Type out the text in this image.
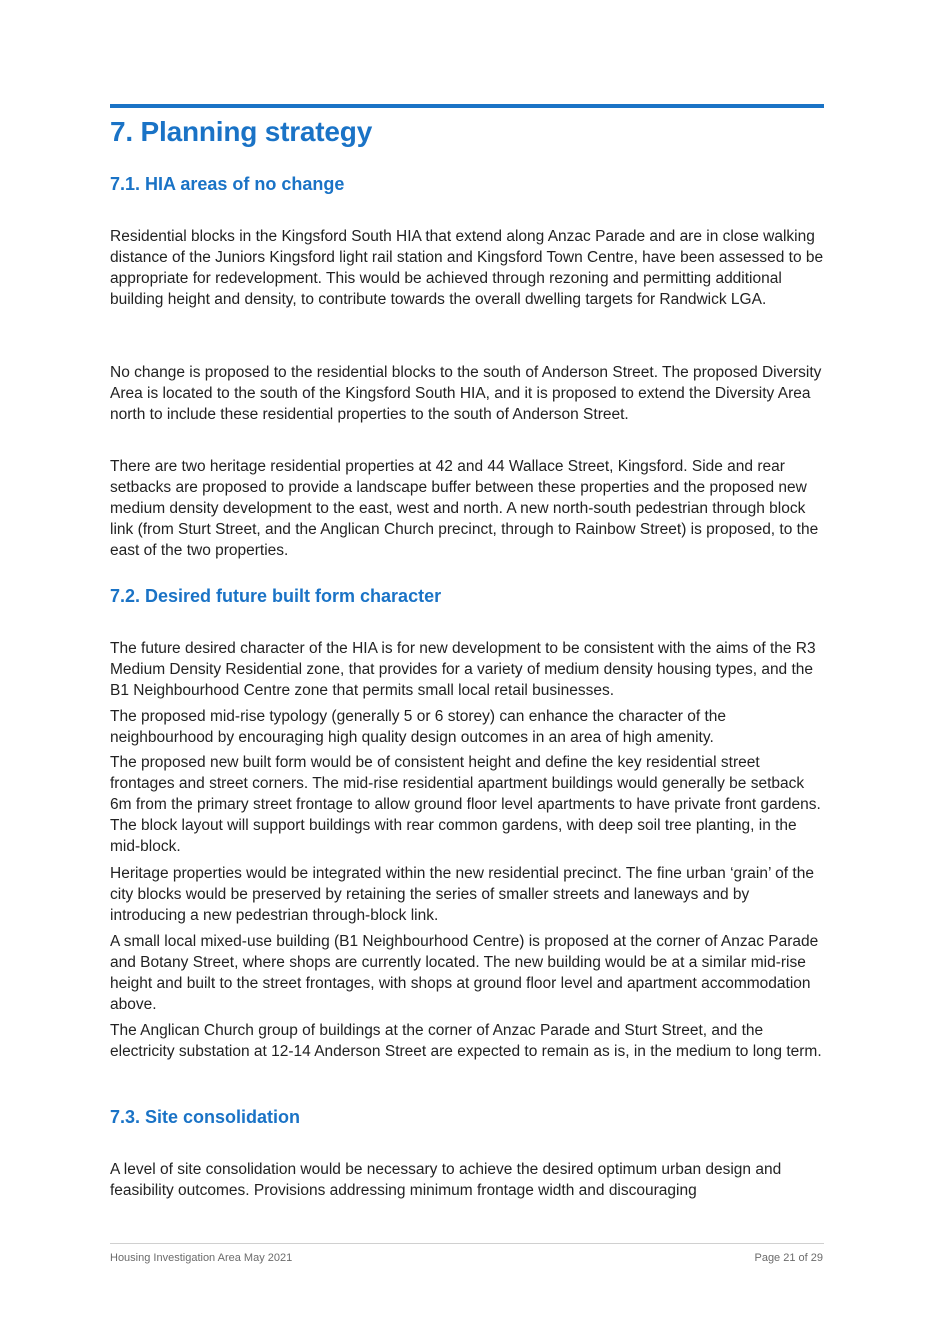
7. Planning strategy
7.1. HIA areas of no change

Residential blocks in the Kingsford South HIA that extend along Anzac Parade and are in close walking distance of the Juniors Kingsford light rail station and Kingsford Town Centre, have been assessed to be appropriate for redevelopment. This would be achieved through rezoning and permitting additional building height and density, to contribute towards the overall dwelling targets for Randwick LGA.

No change is proposed to the residential blocks to the south of Anderson Street. The proposed Diversity Area is located to the south of the Kingsford South HIA, and it is proposed to extend the Diversity Area north to include these residential properties to the south of Anderson Street.

There are two heritage residential properties at 42 and 44 Wallace Street, Kingsford. Side and rear setbacks are proposed to provide a landscape buffer between these properties and the proposed new medium density development to the east, west and north. A new north-south pedestrian through block link (from Sturt Street, and the Anglican Church precinct, through to Rainbow Street) is proposed, to the east of the two properties.

7.2. Desired future built form character

The future desired character of the HIA is for new development to be consistent with the aims of the R3 Medium Density Residential zone, that provides for a variety of medium density housing types, and the B1 Neighbourhood Centre zone that permits small local retail businesses.

The proposed mid-rise typology (generally 5 or 6 storey) can enhance the character of the neighbourhood by encouraging high quality design outcomes in an area of high amenity.

The proposed new built form would be of consistent height and define the key residential street frontages and street corners. The mid-rise residential apartment buildings would generally be setback 6m from the primary street frontage to allow ground floor level apartments to have private front gardens. The block layout will support buildings with rear common gardens, with deep soil tree planting, in the mid-block.

Heritage properties would be integrated within the new residential precinct. The fine urban ‘grain’ of the city blocks would be preserved by retaining the series of smaller streets and laneways and by introducing a new pedestrian through-block link.

A small local mixed-use building (B1 Neighbourhood Centre) is proposed at the corner of Anzac Parade and Botany Street, where shops are currently located. The new building would be at a similar mid-rise height and built to the street frontages, with shops at ground floor level and apartment accommodation above.

The Anglican Church group of buildings at the corner of Anzac Parade and Sturt Street, and the electricity substation at 12-14 Anderson Street are expected to remain as is, in the medium to long term.

7.3. Site consolidation

A level of site consolidation would be necessary to achieve the desired optimum urban design and feasibility outcomes. Provisions addressing minimum frontage width and discouraging

Housing Investigation Area May 2021	Page 21 of 29
